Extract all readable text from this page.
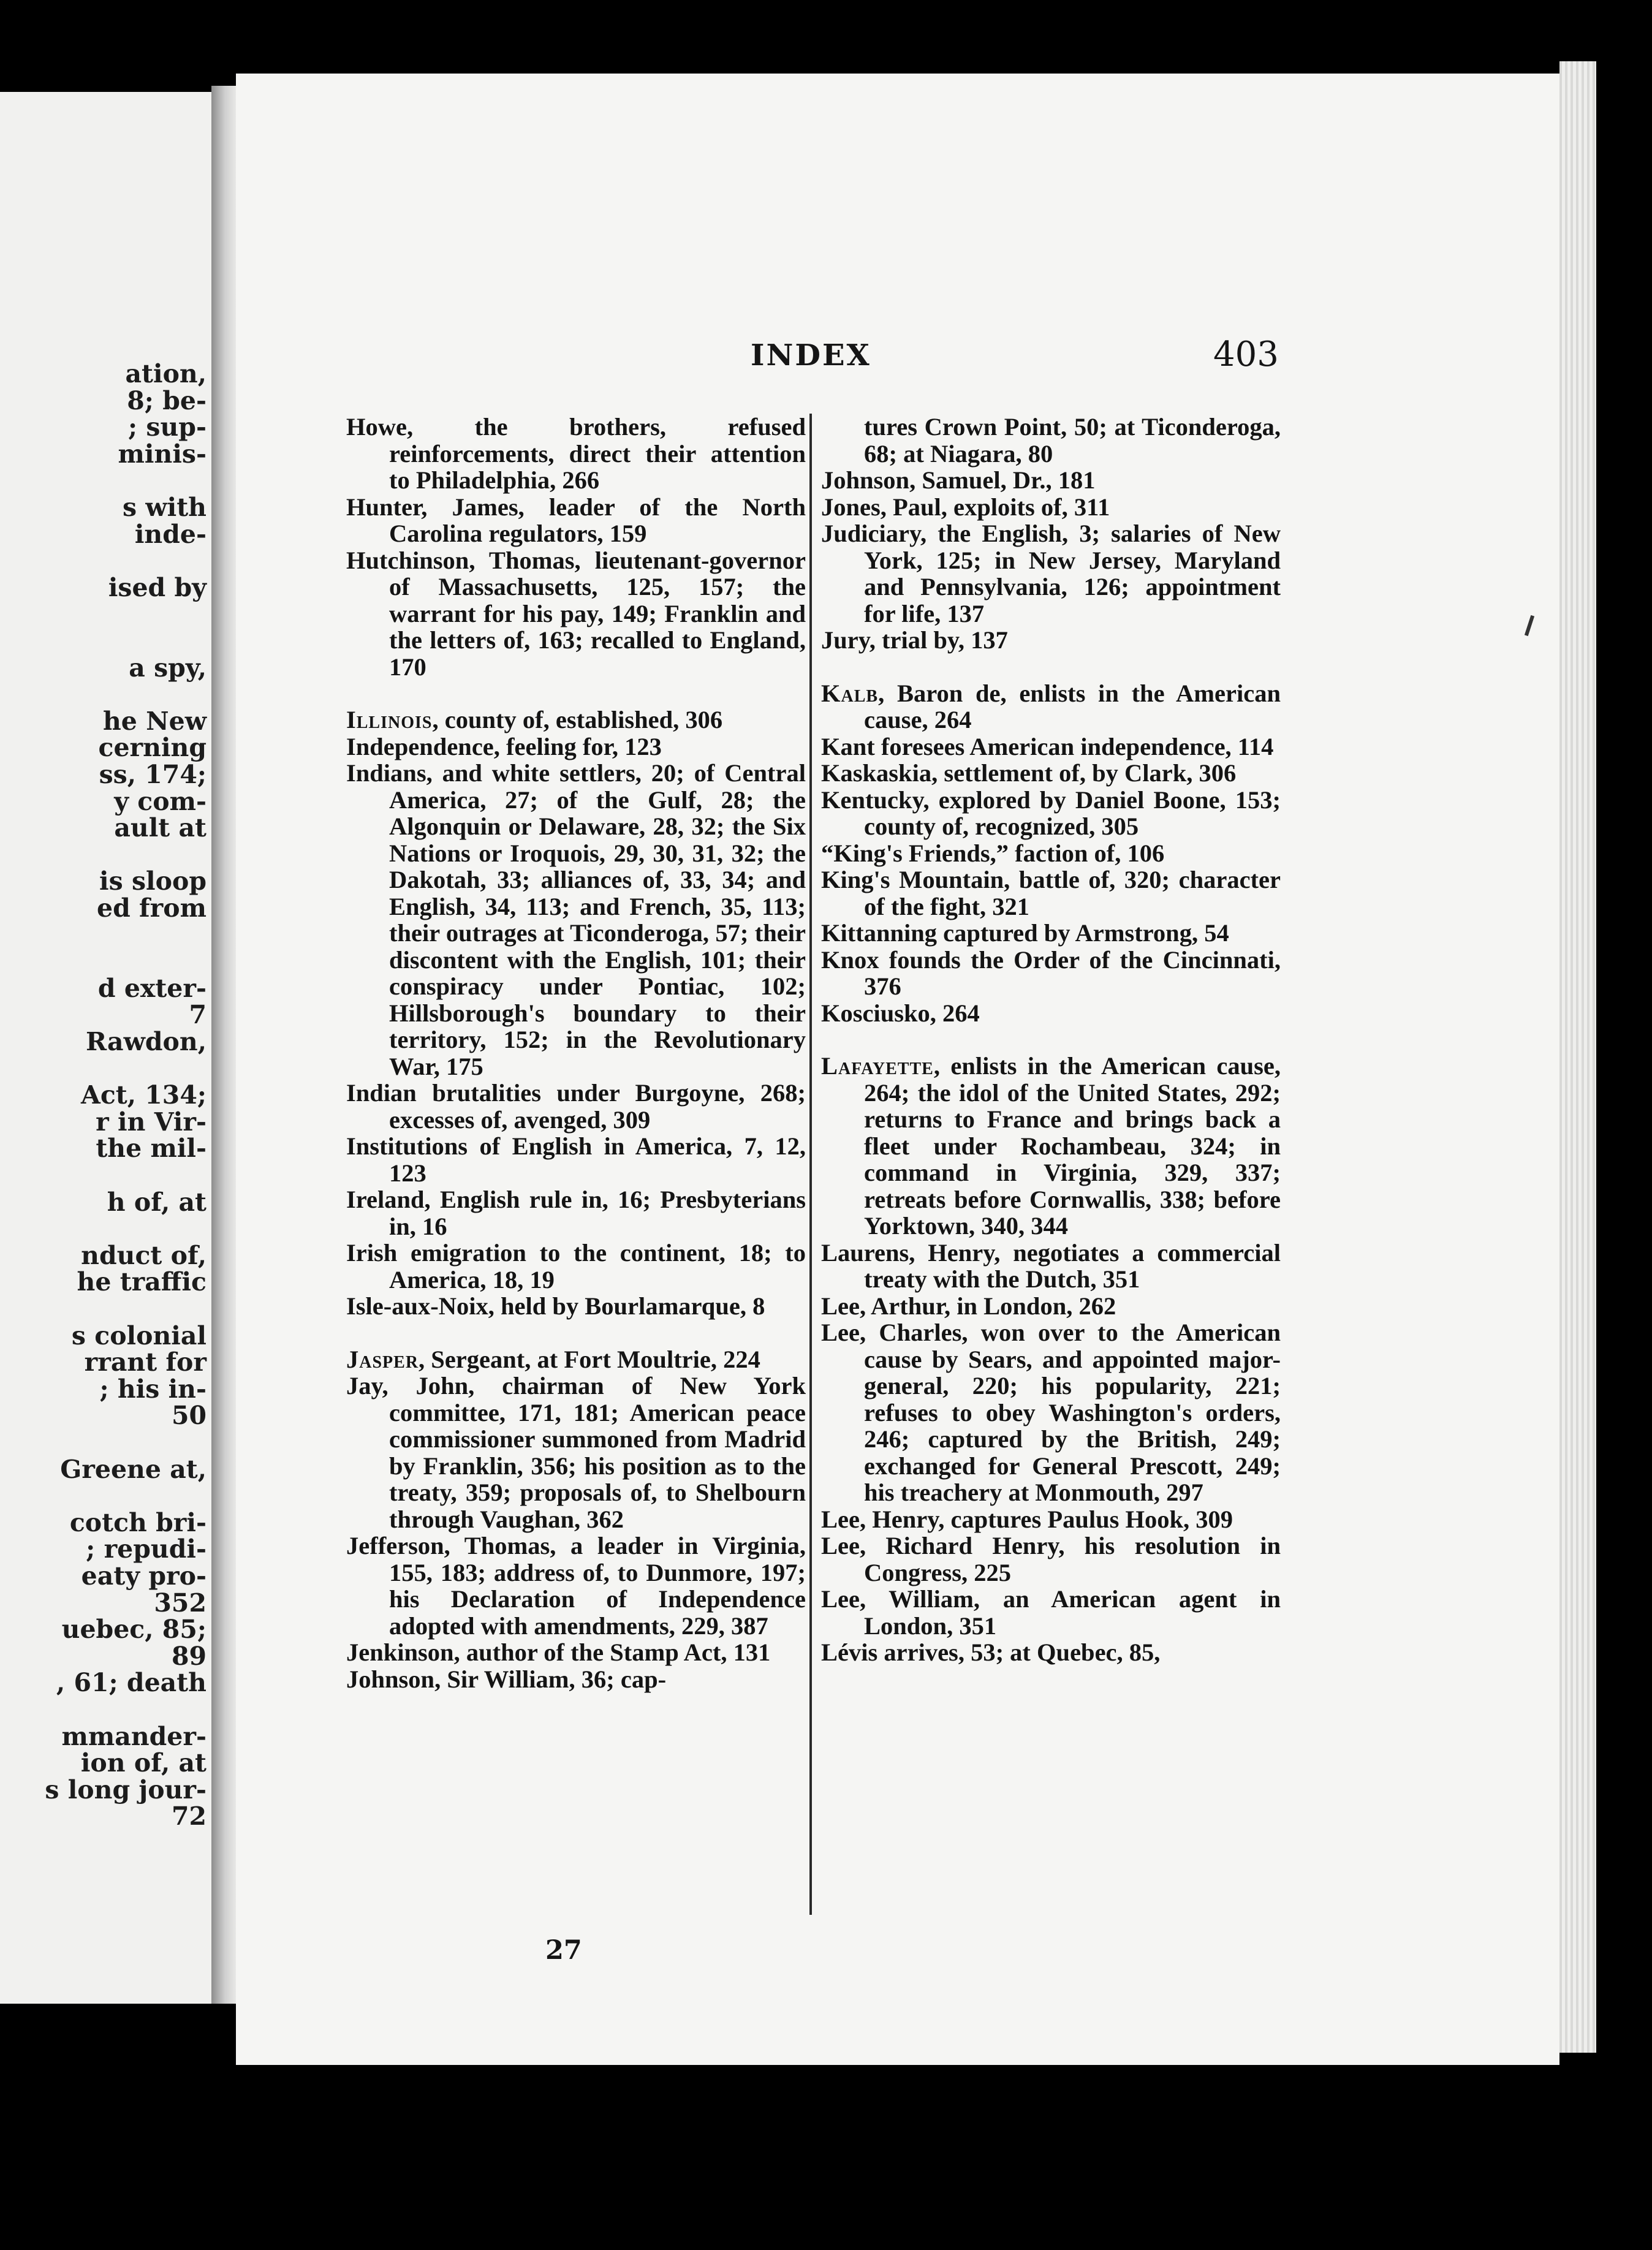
ation,
8; be-
; sup-
minis-
s with
inde-
ised by
a spy,
he New
cerning
ss, 174;
y com-
ault at
is sloop
ed from
d exter-
7
Rawdon,
Act, 134;
r in Vir-
the mil-
h of, at
nduct of,
he traffic
s colonial
rrant for
; his in-
50
Greene at,
cotch bri-
; repudi-
eaty pro-
352
uebec, 85;
89
, 61; death
mmander-
ion of, at
s long jour-
72
INDEX	403
Howe, the brothers, refused reinforcements, direct their attention to Philadelphia, 266
Hunter, James, leader of the North Carolina regulators, 159
Hutchinson, Thomas, lieutenant-governor of Massachusetts, 125, 157; the warrant for his pay, 149; Franklin and the letters of, 163; recalled to England, 170
Illinois, county of, established, 306
Independence, feeling for, 123
Indians, and white settlers, 20; of Central America, 27; of the Gulf, 28; the Algonquin or Delaware, 28, 32; the Six Nations or Iroquois, 29, 30, 31, 32; the Dakotah, 33; alliances of, 33, 34; and English, 34, 113; and French, 35, 113; their outrages at Ticonderoga, 57; their discontent with the English, 101; their conspiracy under Pontiac, 102; Hillsborough's boundary to their territory, 152; in the Revolutionary War, 175
Indian brutalities under Burgoyne, 268; excesses of, avenged, 309
Institutions of English in America, 7, 12, 123
Ireland, English rule in, 16; Presbyterians in, 16
Irish emigration to the continent, 18; to America, 18, 19
Isle-aux-Noix, held by Bourlamarque, 8
Jasper, Sergeant, at Fort Moultrie, 224
Jay, John, chairman of New York committee, 171, 181; American peace commissioner summoned from Madrid by Franklin, 356; his position as to the treaty, 359; proposals of, to Shelbourn through Vaughan, 362
Jefferson, Thomas, a leader in Virginia, 155, 183; address of, to Dunmore, 197; his Declaration of Independence adopted with amendments, 229, 387
Jenkinson, author of the Stamp Act, 131
Johnson, Sir William, 36; cap-
tures Crown Point, 50; at Ticonderoga, 68; at Niagara, 80
Johnson, Samuel, Dr., 181
Jones, Paul, exploits of, 311
Judiciary, the English, 3; salaries of New York, 125; in New Jersey, Maryland and Pennsylvania, 126; appointment for life, 137
Jury, trial by, 137
Kalb, Baron de, enlists in the American cause, 264
Kant foresees American independence, 114
Kaskaskia, settlement of, by Clark, 306
Kentucky, explored by Daniel Boone, 153; county of, recognized, 305
“King's Friends,” faction of, 106
King's Mountain, battle of, 320; character of the fight, 321
Kittanning captured by Armstrong, 54
Knox founds the Order of the Cincinnati, 376
Kosciusko, 264
Lafayette, enlists in the American cause, 264; the idol of the United States, 292; returns to France and brings back a fleet under Rochambeau, 324; in command in Virginia, 329, 337; retreats before Cornwallis, 338; before Yorktown, 340, 344
Laurens, Henry, negotiates a commercial treaty with the Dutch, 351
Lee, Arthur, in London, 262
Lee, Charles, won over to the American cause by Sears, and appointed major-general, 220; his popularity, 221; refuses to obey Washington's orders, 246; captured by the British, 249; exchanged for General Prescott, 249; his treachery at Monmouth, 297
Lee, Henry, captures Paulus Hook, 309
Lee, Richard Henry, his resolution in Congress, 225
Lee, William, an American agent in London, 351
Lévis arrives, 53; at Quebec, 85,
27
